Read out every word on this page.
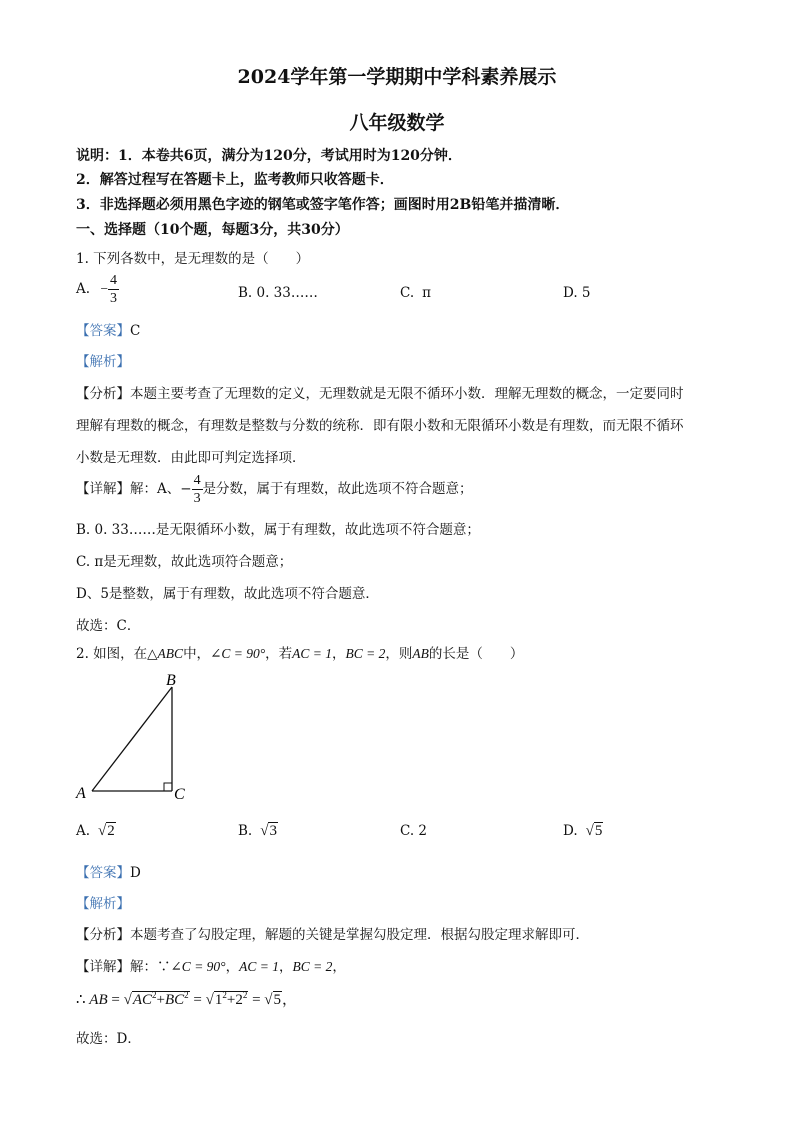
2024学年第一学期期中学科素养展示
八年级数学
说明：1．本卷共6页，满分为120分，考试用时为120分钟．
2．解答过程写在答题卡上，监考教师只收答题卡．
3．非选择题必须用黑色字迹的钢笔或签字笔作答；画图时用2B铅笔并描清晰．
一、选择题（10个题，每题3分，共30分）
1. 下列各数中，是无理数的是（　　）
A. − $\frac{4}{3}$	B. 0. 33……	C. π	D. 5
【答案】C
【解析】
【分析】本题主要考查了无理数的定义，无理数就是无限不循环小数．理解无理数的概念，一定要同时
理解有理数的概念，有理数是整数与分数的统称．即有限小数和无限循环小数是有理数，而无限不循环
小数是无理数．由此即可判定选择项．
【详解】解：A、− $\frac{4}{3}$ 是分数，属于有理数，故此选项不符合题意；
B. 0. 33……是无限循环小数，属于有理数，故此选项不符合题意；
C. π是无理数，故此选项符合题意；
D、5是整数，属于有理数，故此选项不符合题意．
故选：C．
2. 如图，在△ABC中，∠C = 90°，若AC = 1，BC = 2，则AB的长是（　　）
A
B
C
A. √2	B. √3	C. 2	D. √5
【答案】D
【解析】
【分析】本题考查了勾股定理，解题的关键是掌握勾股定理．根据勾股定理求解即可．
【详解】解：∵∠C = 90°，AC = 1，BC = 2，
∴ AB = $√AC^2+BC^2 = √1^2+2^2 = √5$，
故选：D．
